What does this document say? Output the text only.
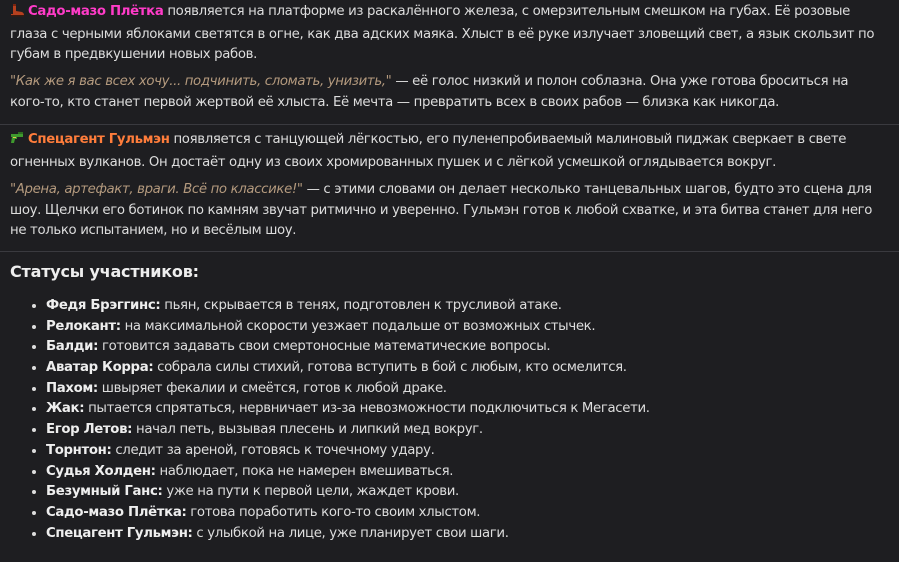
Садо-мазо Плётка появляется на платформе из раскалённого железа, с омерзительным смешком на губах. Её розовые глаза с черными яблоками светятся в огне, как два адских маяка. Хлыст в её руке излучает зловещий свет, а язык скользит по губам в предвкушении новых рабов.
"Как же я вас всех хочу... подчинить, сломать, унизить," — её голос низкий и полон соблазна. Она уже готова броситься на кого-то, кто станет первой жертвой её хлыста. Её мечта — превратить всех в своих рабов — близка как никогда.
Спецагент Гульмэн появляется с танцующей лёгкостью, его пуленепробиваемый малиновый пиджак сверкает в свете огненных вулканов. Он достаёт одну из своих хромированных пушек и с лёгкой усмешкой оглядывается вокруг.
"Арена, артефакт, враги. Всё по классике!" — с этими словами он делает несколько танцевальных шагов, будто это сцена для шоу. Щелчки его ботинок по камням звучат ритмично и уверенно. Гульмэн готов к любой схватке, и эта битва станет для него не только испытанием, но и весёлым шоу.
Статусы участников:
• Федя Брэггинс: пьян, скрывается в тенях, подготовлен к трусливой атаке.
• Релокант: на максимальной скорости уезжает подальше от возможных стычек.
• Балди: готовится задавать свои смертоносные математические вопросы.
• Аватар Корра: собрала силы стихий, готова вступить в бой с любым, кто осмелится.
• Пахом: швыряет фекалии и смеётся, готов к любой драке.
• Жак: пытается спрятаться, нервничает из-за невозможности подключиться к Мегасети.
• Егор Летов: начал петь, вызывая плесень и липкий мед вокруг.
• Торнтон: следит за ареной, готовясь к точечному удару.
• Судья Холден: наблюдает, пока не намерен вмешиваться.
• Безумный Ганс: уже на пути к первой цели, жаждет крови.
• Садо-мазо Плётка: готова поработить кого-то своим хлыстом.
• Спецагент Гульмэн: с улыбкой на лице, уже планирует свои шаги.
